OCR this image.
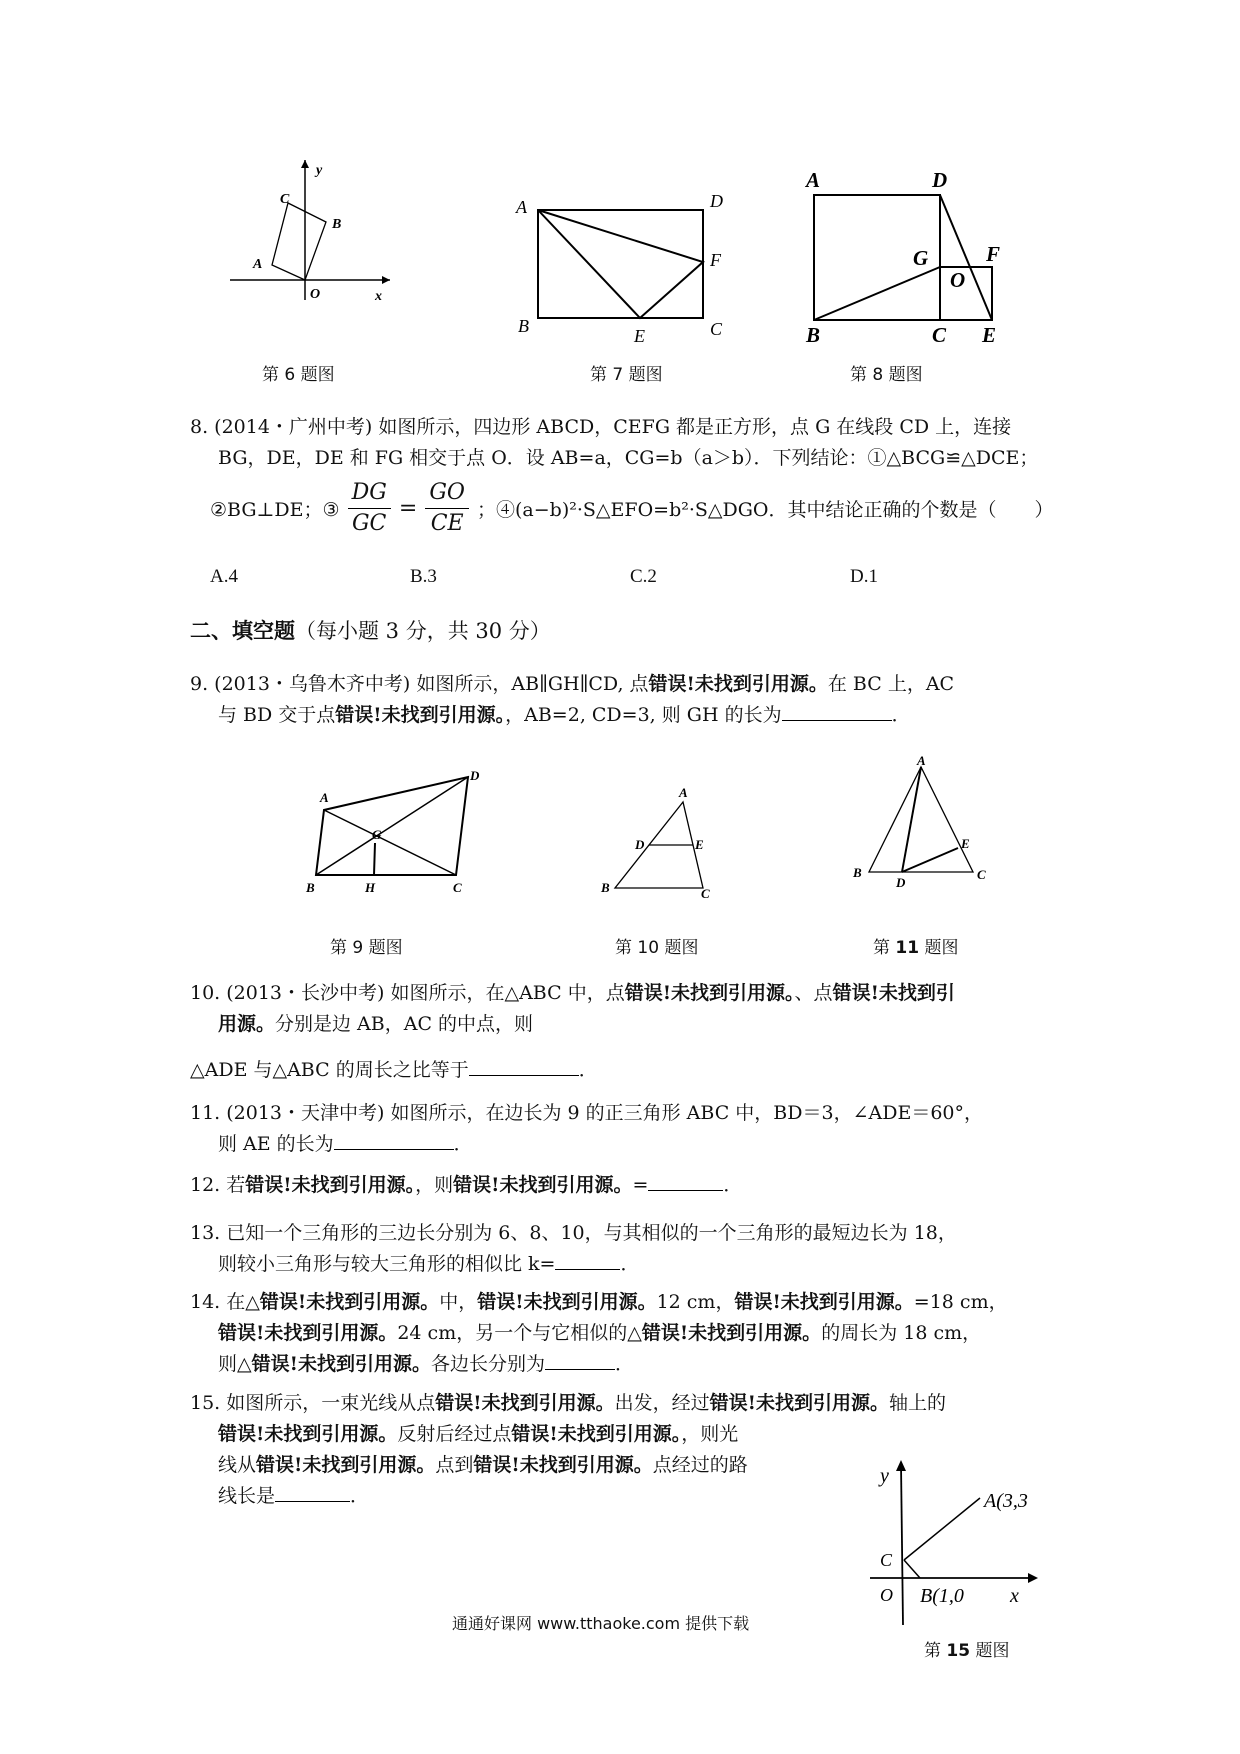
y
x
O
A
B
C
第 6 题图
A
B	C
D
E
F
第 7 题图
A	D
G
O
F
B	C E
第 8 题图

8. (2014・广州中考) 如图所示，四边形 ABCD，CEFG 都是正方形，点 G 在线段 CD 上，连接

BG，DE，DE 和 FG 相交于点 O．设 AB=a，CG=b（a＞b）．下列结论：①△BCG≌△DCE；

②BG⊥DE；③ $\frac{DG}{GC} = \frac{GO}{CE}$ ；④(a−b)²·S△EFO=b²·S△DGO．其中结论正确的个数是（　　）
A.4	B.3	C.2	D.1
二、填空题（每小题 3 分，共 30 分）

9. (2013・乌鲁木齐中考) 如图所示，AB∥GH∥CD, 点错误!未找到引用源。在 BC 上，AC

与 BD 交于点错误!未找到引用源。，AB=2, CD=3, 则 GH 的长为	．

A
D
G
B	H	C
第 9 题图
A
D	E
B	C
第 10 题图
A
B
D
E
C
第 11 题图

10. (2013・长沙中考) 如图所示，在△ABC 中，点错误!未找到引用源。、点错误!未找到引

用源。分别是边 AB，AC 的中点，则

△ADE 与△ABC 的周长之比等于	．

11. (2013・天津中考) 如图所示，在边长为 9 的正三角形 ABC 中，BD＝3，∠ADE＝60°，

则 AE 的长为	．

12. 若错误!未找到引用源。，则错误!未找到引用源。=	．

13. 已知一个三角形的三边长分别为 6、8、10，与其相似的一个三角形的最短边长为 18，

则较小三角形与较大三角形的相似比 k=	．

14. 在△错误!未找到引用源。中，错误!未找到引用源。12 cm，错误!未找到引用源。=18 cm，

错误!未找到引用源。24 cm，另一个与它相似的△错误!未找到引用源。的周长为 18 cm，

则△错误!未找到引用源。各边长分别为	．

15. 如图所示，一束光线从点错误!未找到引用源。出发，经过错误!未找到引用源。轴上的

错误!未找到引用源。反射后经过点错误!未找到引用源。，则光

线从错误!未找到引用源。点到错误!未找到引用源。点经过的路

线长是	．

y
x
O
C
A(3,3
B(1,0
第 15 题图
通通好课网 www.tthaoke.com 提供下载
